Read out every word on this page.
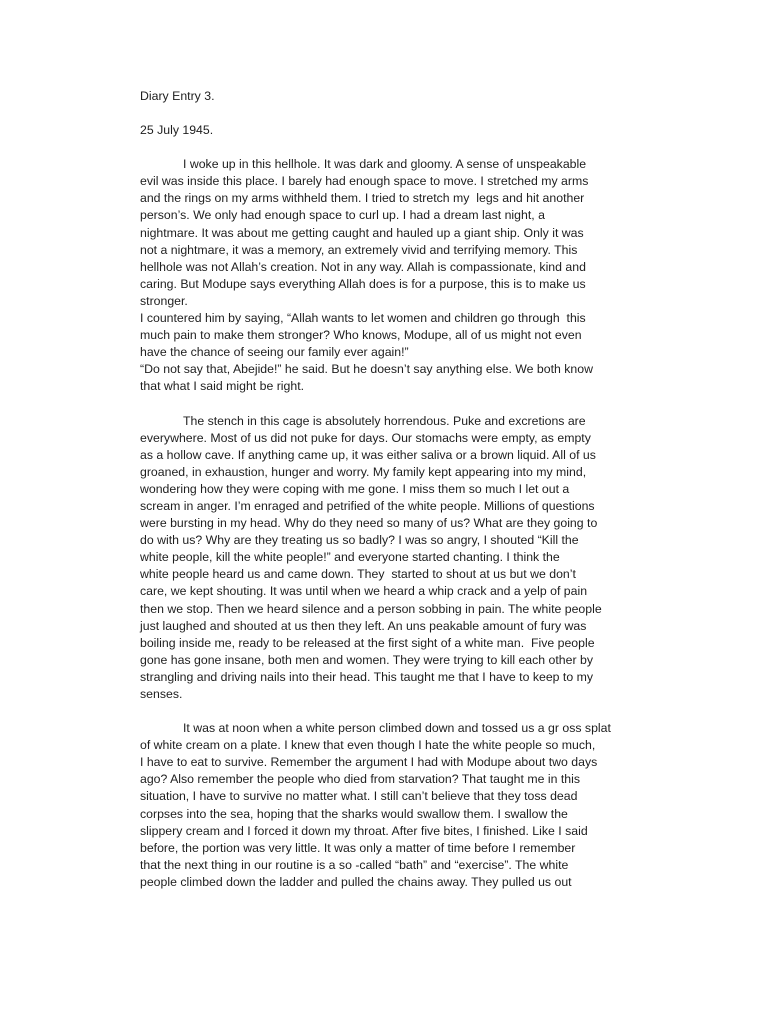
Diary Entry 3.
25 July 1945.
I woke up in this hellhole. It was dark and gloomy. A sense of unspeakable
evil was inside this place. I barely had enough space to move. I stretched my arms
and the rings on my arms withheld them. I tried to stretch my  legs and hit another
person’s. We only had enough space to curl up. I had a dream last night, a
nightmare. It was about me getting caught and hauled up a giant ship. Only it was
not a nightmare, it was a memory, an extremely vivid and terrifying memory. This
hellhole was not Allah’s creation. Not in any way. Allah is compassionate, kind and
caring. But Modupe says everything Allah does is for a purpose, this is to make us
stronger.
I countered him by saying, “Allah wants to let women and children go through  this
much pain to make them stronger? Who knows, Modupe, all of us might not even
have the chance of seeing our family ever again!”
“Do not say that, Abejide!” he said. But he doesn’t say anything else. We both know
that what I said might be right.
The stench in this cage is absolutely horrendous. Puke and excretions are
everywhere. Most of us did not puke for days. Our stomachs were empty, as empty
as a hollow cave. If anything came up, it was either saliva or a brown liquid. All of us
groaned, in exhaustion, hunger and worry. My family kept appearing into my mind,
wondering how they were coping with me gone. I miss them so much I let out a
scream in anger. I’m enraged and petrified of the white people. Millions of questions
were bursting in my head. Why do they need so many of us? What are they going to
do with us? Why are they treating us so badly? I was so angry, I shouted “Kill the
white people, kill the white people!” and everyone started chanting. I think the
white people heard us and came down. They  started to shout at us but we don’t
care, we kept shouting. It was until when we heard a whip crack and a yelp of pain
then we stop. Then we heard silence and a person sobbing in pain. The white people
just laughed and shouted at us then they left. An uns peakable amount of fury was
boiling inside me, ready to be released at the first sight of a white man.  Five people
gone has gone insane, both men and women. They were trying to kill each other by
strangling and driving nails into their head. This taught me that I have to keep to my
senses.
It was at noon when a white person climbed down and tossed us a gr oss splat
of white cream on a plate. I knew that even though I hate the white people so much,
I have to eat to survive. Remember the argument I had with Modupe about two days
ago? Also remember the people who died from starvation? That taught me in this
situation, I have to survive no matter what. I still can’t believe that they toss dead
corpses into the sea, hoping that the sharks would swallow them. I swallow the
slippery cream and I forced it down my throat. After five bites, I finished. Like I said
before, the portion was very little. It was only a matter of time before I remember
that the next thing in our routine is a so -called “bath” and “exercise”. The white
people climbed down the ladder and pulled the chains away. They pulled us out
